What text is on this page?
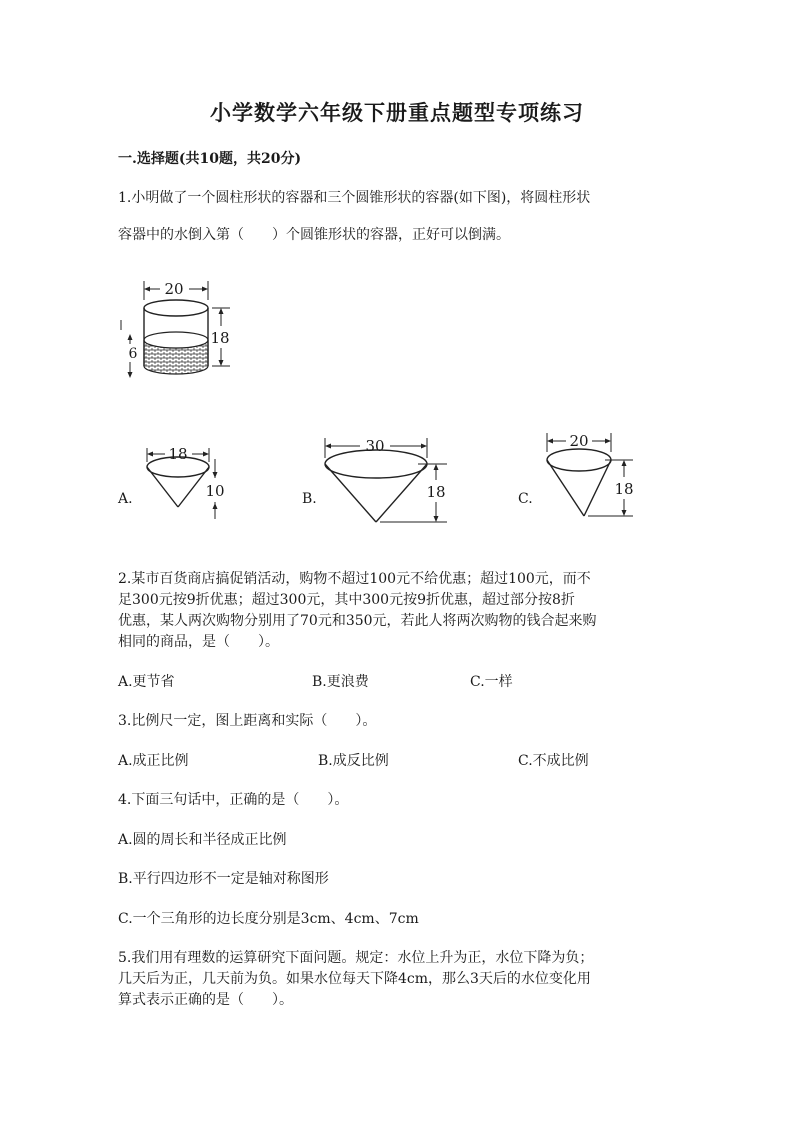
小学数学六年级下册重点题型专项练习
一.选择题(共10题，共20分)
1.小明做了一个圆柱形状的容器和三个圆锥形状的容器(如下图)，将圆柱形状
容器中的水倒入第（　　）个圆锥形状的容器，正好可以倒满。
20
18
6
18
10
30
18
20
18
A.	B.	C.
2.某市百货商店搞促销活动，购物不超过100元不给优惠；超过100元，而不
足300元按9折优惠；超过300元，其中300元按9折优惠，超过部分按8折
优惠，某人两次购物分别用了70元和350元，若此人将两次购物的钱合起来购
相同的商品，是（　　）。
A.更节省	B.更浪费	C.一样
3.比例尺一定，图上距离和实际（　　）。
A.成正比例	B.成反比例	C.不成比例
4.下面三句话中，正确的是（　　）。
A.圆的周长和半径成正比例
B.平行四边形不一定是轴对称图形
C.一个三角形的边长度分别是3cm、4cm、7cm
5.我们用有理数的运算研究下面问题。规定：水位上升为正，水位下降为负；
几天后为正，几天前为负。如果水位每天下降4cm，那么3天后的水位变化用
算式表示正确的是（　　）。
